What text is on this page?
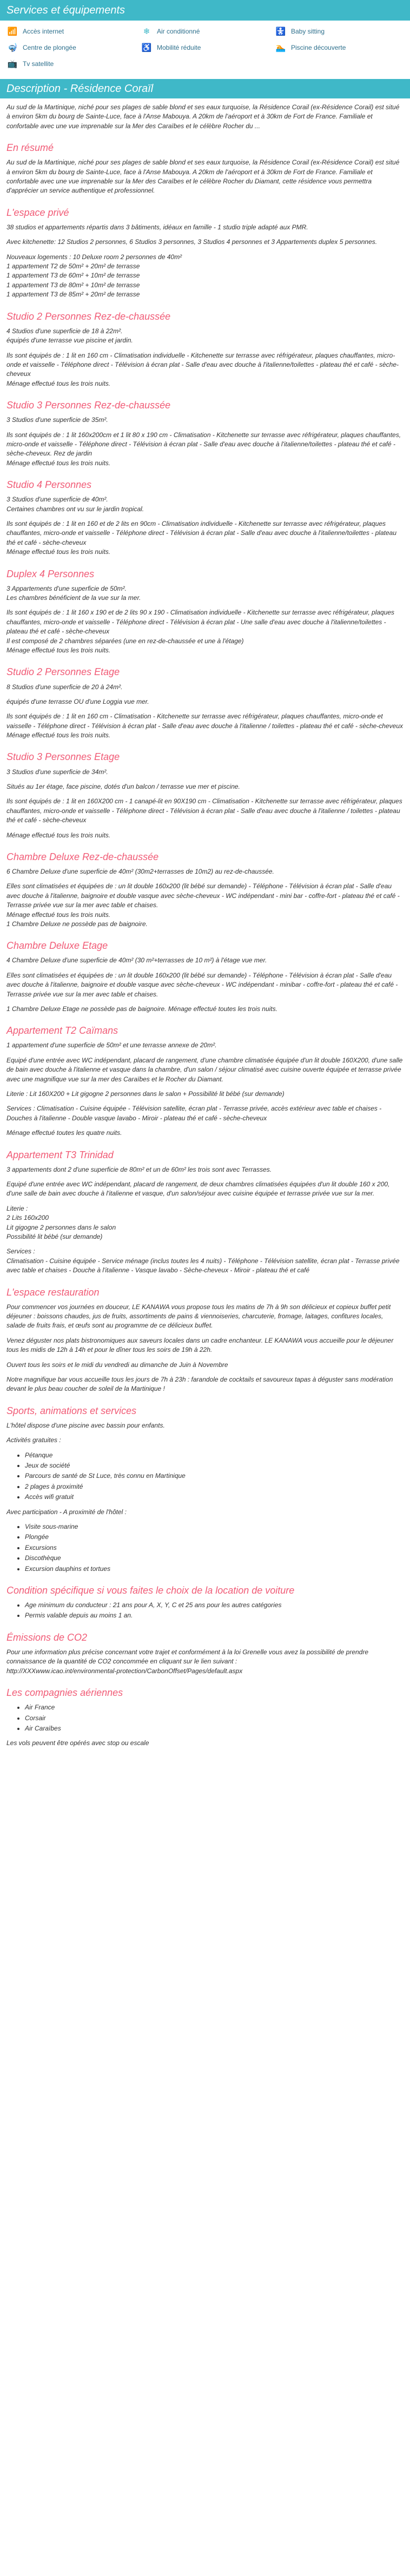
Services et équipements
📶 Accès internet	❄	Air conditionné	🚼 Baby sitting
🤿 Centre de plongée	♿ Mobilité réduite	🏊 Piscine découverte
📺 Tv satellite
Description - Résidence Coraïl

Au sud de la Martinique, niché pour ses plages de sable blond et ses eaux turquoise, la Résidence Corail (ex-Résidence Corail) est situé à environ 5km du bourg de Sainte-Luce, face à l'Anse Mabouya. A 20km de l'aéroport et à 30km de Fort de France. Familiale et confortable avec une vue imprenable sur la Mer des Caraïbes et le célèbre Rocher du ...

En résumé

Au sud de la Martinique, niché pour ses plages de sable blond et ses eaux turquoise, la Résidence Corail (ex-Résidence Corail) est situé à environ 5km du bourg de Sainte-Luce, face à l'Anse Mabouya. A 20km de l'aéroport et à 30km de Fort de France. Familiale et confortable avec une vue imprenable sur la Mer des Caraïbes et le célèbre Rocher du Diamant, cette résidence vous permettra d'apprécier un service authentique et professionnel.

L'espace privé

38 studios et appartements répartis dans 3 bâtiments, idéaux en famille - 1 studio triple adapté aux PMR.

Avec kitchenette: 12 Studios 2 personnes, 6 Studios 3 personnes, 3 Studios 4 personnes et 3 Appartements duplex 5 personnes.

Nouveaux logements : 10 Deluxe room 2 personnes de 40m²
1 appartement T2 de 50m² + 20m² de terrasse
1 appartement T3 de 60m² + 10m² de terrasse
1 appartement T3 de 80m² + 10m² de terrasse
1 appartement T3 de 85m² + 20m² de terrasse

Studio 2 Personnes Rez-de-chaussée

4 Studios d'une superficie de 18 à 22m².
équipés d'une terrasse vue piscine et jardin.

Ils sont équipés de : 1 lit en 160 cm - Climatisation individuelle - Kitchenette sur terrasse avec réfrigérateur, plaques chauffantes, micro-onde et vaisselle - Téléphone direct - Télévision à écran plat - Salle d'eau avec douche à l'italienne/toilettes - plateau thé et café - sèche-cheveux
Ménage effectué tous les trois nuits.

Studio 3 Personnes Rez-de-chaussée

3 Studios d'une superficie de 35m².

Ils sont équipés de : 1 lit 160x200cm et 1 lit 80 x 190 cm - Climatisation - Kitchenette sur terrasse avec réfrigérateur, plaques chauffantes, micro-onde et vaisselle - Téléphone direct - Télévision à écran plat - Salle d'eau avec douche à l'italienne/toilettes - plateau thé et café - sèche-cheveux. Rez de jardin
Ménage effectué tous les trois nuits.

Studio 4 Personnes

3 Studios d'une superficie de 40m².
Certaines chambres ont vu sur le jardin tropical.

Ils sont équipés de : 1 lit en 160 et de 2 lits en 90cm - Climatisation individuelle - Kitchenette sur terrasse avec réfrigérateur, plaques chauffantes, micro-onde et vaisselle - Téléphone direct - Télévision à écran plat - Salle d'eau avec douche à l'italienne/toilettes - plateau thé et café - sèche-cheveux
Ménage effectué tous les trois nuits.

Duplex 4 Personnes

3 Appartements d'une superficie de 50m².
Les chambres bénéficient de la vue sur la mer.

Ils sont équipés de : 1 lit 160 x 190 et de 2 lits 90 x 190 - Climatisation individuelle - Kitchenette sur terrasse avec réfrigérateur, plaques chauffantes, micro-onde et vaisselle - Téléphone direct - Télévision à écran plat - Une salle d'eau avec douche à l'italienne/toilettes - plateau thé et café - sèche-cheveux
Il est composé de 2 chambres séparées (une en rez-de-chaussée et une à l'étage)
Ménage effectué tous les trois nuits.

Studio 2 Personnes Etage

8 Studios d'une superficie de 20 à 24m².

équipés d'une terrasse OU d'une Loggia vue mer.

Ils sont équipés de : 1 lit en 160 cm - Climatisation - Kitchenette sur terrasse avec réfrigérateur, plaques chauffantes, micro-onde et vaisselle - Téléphone direct - Télévision à écran plat - Salle d'eau avec douche à l'italienne / toilettes - plateau thé et café - sèche-cheveux
Ménage effectué tous les trois nuits.

Studio 3 Personnes Etage

3 Studios d'une superficie de 34m².

Situés au 1er étage, face piscine, dotés d'un balcon / terrasse vue mer et piscine.

Ils sont équipés de : 1 lit en 160X200 cm - 1 canapé-lit en 90X190 cm - Climatisation - Kitchenette sur terrasse avec réfrigérateur, plaques chauffantes, micro-onde et vaisselle - Téléphone direct - Télévision à écran plat - Salle d'eau avec douche à l'italienne / toilettes - plateau thé et café - sèche-cheveux

Ménage effectué tous les trois nuits.

Chambre Deluxe Rez-de-chaussée

6 Chambre Deluxe d'une superficie de 40m² (30m2+terrasses de 10m2) au rez-de-chaussée.

Elles sont climatisées et équipées de : un lit double 160x200 (lit bébé sur demande) - Téléphone - Télévision à écran plat - Salle d'eau avec douche à l'italienne, baignoire et double vasque avec sèche-cheveux - WC indépendant - mini bar - coffre-fort - plateau thé et café - Terrasse privée vue sur la mer avec table et chaises.
Ménage effectué tous les trois nuits.
1 Chambre Deluxe ne possède pas de baignoire.

Chambre Deluxe Etage

4 Chambre Deluxe d'une superficie de 40m² (30 m²+terrasses de 10 m²) à l'étage vue mer.

Elles sont climatisées et équipées de : un lit double 160x200 (lit bébé sur demande) - Téléphone - Télévision à écran plat - Salle d'eau avec douche à l'italienne, baignoire et double vasque avec sèche-cheveux - WC indépendant - minibar - coffre-fort - plateau thé et café - Terrasse privée vue sur la mer avec table et chaises.

1 Chambre Deluxe Etage ne possède pas de baignoire. Ménage effectué toutes les trois nuits.

Appartement T2 Caïmans

1 appartement d'une superficie de 50m² et une terrasse annexe de 20m².

Equipé d'une entrée avec WC indépendant, placard de rangement, d'une chambre climatisée équipée d'un lit double 160X200, d'une salle de bain avec douche à l'italienne et vasque dans la chambre, d'un salon / séjour climatisé avec cuisine ouverte équipée et terrasse privée avec une magnifique vue sur la mer des Caraïbes et le Rocher du Diamant.

Literie : Lit 160X200 + Lit gigogne 2 personnes dans le salon + Possibilité lit bébé (sur demande)

Services : Climatisation - Cuisine équipée - Télévision satellite, écran plat - Terrasse privée, accès extérieur avec table et chaises - Douches à l'italienne - Double vasque lavabo - Miroir - plateau thé et café - sèche-cheveux

Ménage effectué toutes les quatre nuits.

Appartement T3 Trinidad

3 appartements dont 2 d'une superficie de 80m² et un de 60m² les trois sont avec Terrasses.

Equipé d'une entrée avec WC indépendant, placard de rangement, de deux chambres climatisées équipées d'un lit double 160 x 200, d'une salle de bain avec douche à l'italienne et vasque, d'un salon/séjour avec cuisine équipée et terrasse privée vue sur la mer.

Literie :
2 Lits 160x200
Lit gigogne 2 personnes dans le salon
Possibilité lit bébé (sur demande)

Services :
Climatisation - Cuisine équipée - Service ménage (inclus toutes les 4 nuits) - Téléphone - Télévision satellite, écran plat - Terrasse privée avec table et chaises - Douche à l'italienne - Vasque lavabo - Sèche-cheveux - Miroir - plateau thé et café

L'espace restauration

Pour commencer vos journées en douceur, LE KANAWA vous propose tous les matins de 7h à 9h son délicieux et copieux buffet petit déjeuner : boissons chaudes, jus de fruits, assortiments de pains & viennoiseries, charcuterie, fromage, laitages, confitures locales, salade de fruits frais, et œufs sont au programme de ce délicieux buffet.

Venez déguster nos plats bistronomiques aux saveurs locales dans un cadre enchanteur. LE KANAWA vous accueille pour le déjeuner tous les midis de 12h à 14h et pour le dîner tous les soirs de 19h à 22h.

Ouvert tous les soirs et le midi du vendredi au dimanche de Juin à Novembre

Notre magnifique bar vous accueille tous les jours de 7h à 23h : farandole de cocktails et savoureux tapas à déguster sans modération devant le plus beau coucher de soleil de la Martinique !

Sports, animations et services

L'hôtel dispose d'une piscine avec bassin pour enfants.

Activités gratuites :

• Pétanque
• Jeux de société
• Parcours de santé de St Luce, très connu en Martinique
• 2 plages à proximité
• Accès wifi gratuit

Avec participation - A proximité de l'hôtel :

• Visite sous-marine
• Plongée
• Excursions
• Discothèque
• Excursion dauphins et tortues
Condition spécifique si vous faites le choix de la location de voiture
• Age minimum du conducteur : 21 ans pour A, X, Y, C et 25 ans pour les autres catégories
• Permis valable depuis au moins 1 an.
Émissions de CO2

Pour une information plus précise concernant votre trajet et conformément à la loi Grenelle vous avez la possibilité de prendre connaissance de la quantité de CO2 concommée en cliquant sur le lien suivant :
http://XXXwww.icao.int/environmental-protection/CarbonOffset/Pages/default.aspx

Les compagnies aériennes
• Air France
• Corsair
• Air Caraïbes

Les vols peuvent être opérés avec stop ou escale
